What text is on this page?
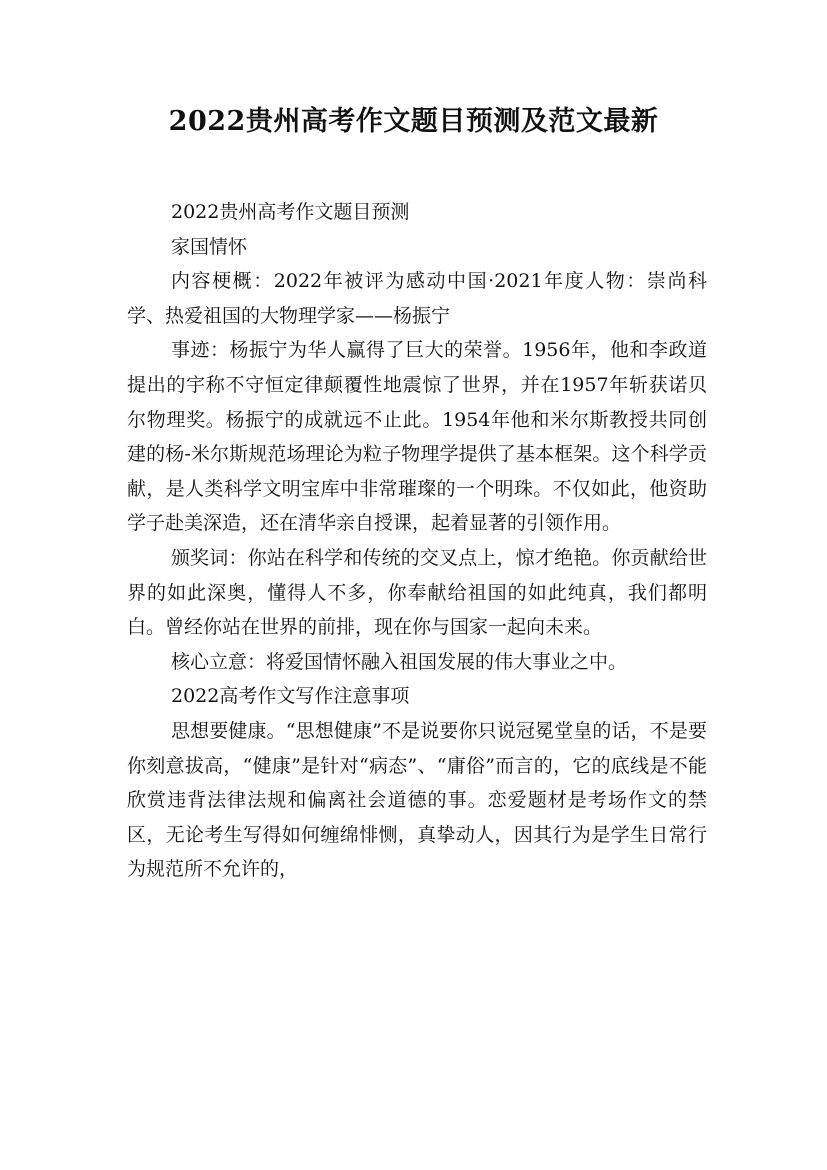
2022贵州高考作文题目预测及范文最新

2022贵州高考作文题目预测

家国情怀

内容梗概：2022年被评为感动中国·2021年度人物：崇尚科学、热爱祖国的大物理学家——杨振宁

事迹：杨振宁为华人赢得了巨大的荣誉。1956年，他和李政道提出的宇称不守恒定律颠覆性地震惊了世界，并在1957年斩获诺贝尔物理奖。杨振宁的成就远不止此。1954年他和米尔斯教授共同创建的杨-米尔斯规范场理论为粒子物理学提供了基本框架。这个科学贡献，是人类科学文明宝库中非常璀璨的一个明珠。不仅如此，他资助学子赴美深造，还在清华亲自授课，起着显著的引领作用。

颁奖词：你站在科学和传统的交叉点上，惊才绝艳。你贡献给世界的如此深奥，懂得人不多，你奉献给祖国的如此纯真，我们都明白。曾经你站在世界的前排，现在你与国家一起向未来。

核心立意：将爱国情怀融入祖国发展的伟大事业之中。

2022高考作文写作注意事项

思想要健康。“思想健康”不是说要你只说冠冕堂皇的话，不是要你刻意拔高，“健康”是针对“病态”、“庸俗”而言的，它的底线是不能欣赏违背法律法规和偏离社会道德的事。恋爱题材是考场作文的禁区，无论考生写得如何缠绵悱恻，真挚动人，因其行为是学生日常行为规范所不允许的，
